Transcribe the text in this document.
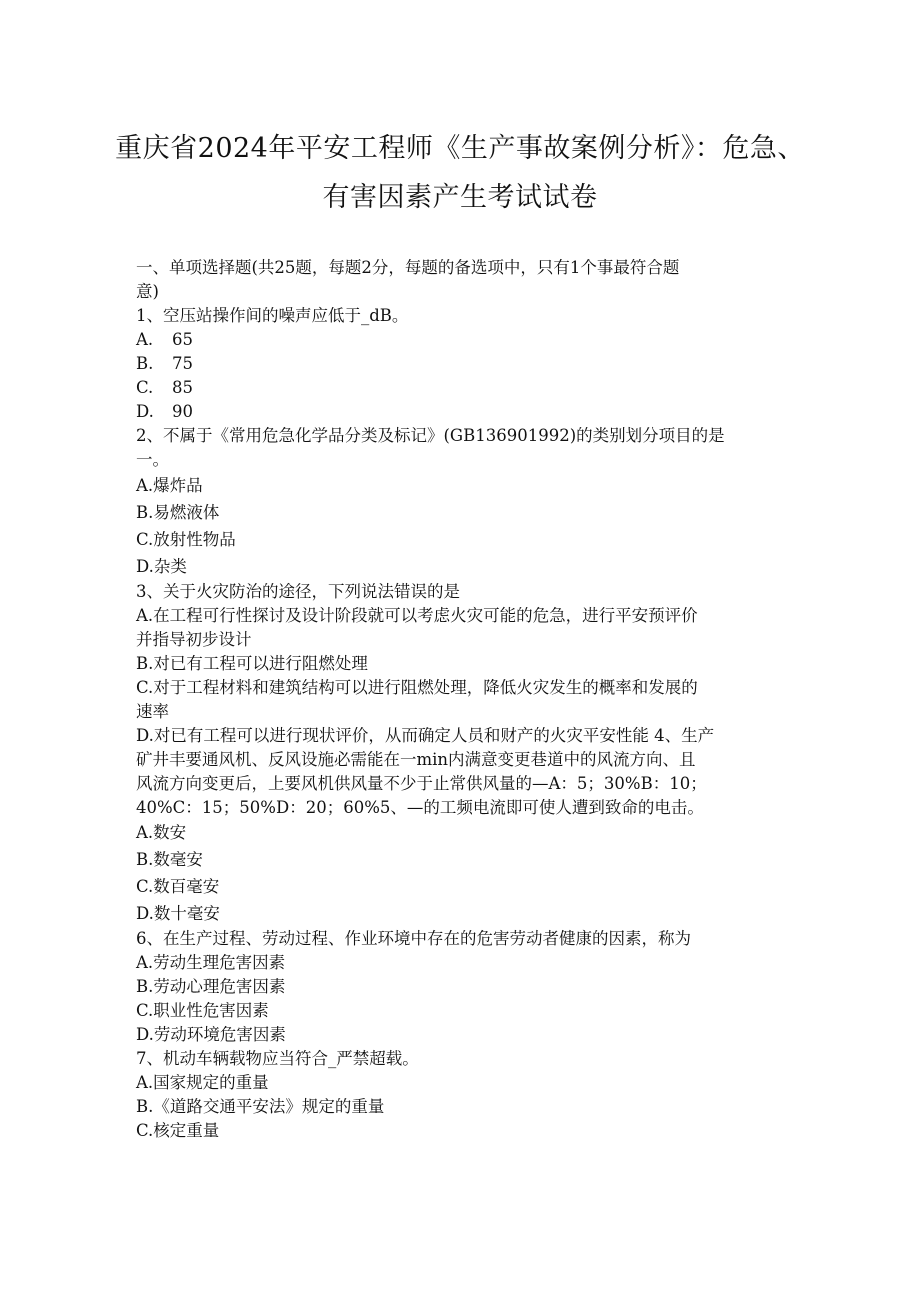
重庆省2024年平安工程师《生产事故案例分析》：危急、
有害因素产生考试试卷

一、单项选择题(共25题，每题2分，每题的备选项中，只有1个事最符合题

意)

1、空压站操作间的噪声应低于_dB。

A. 65

B. 75

C. 85

D. 90

2、不属于《常用危急化学品分类及标记》(GB136901992)的类别划分项目的是

一。

A.爆炸品

B.易燃液体

C.放射性物品

D.杂类

3、关于火灾防治的途径，下列说法错误的是

A.在工程可行性探讨及设计阶段就可以考虑火灾可能的危急，进行平安预评价

并指导初步设计

B.对已有工程可以进行阻燃处理

C.对于工程材料和建筑结构可以进行阻燃处理，降低火灾发生的概率和发展的

速率

D.对已有工程可以进行现状评价，从而确定人员和财产的火灾平安性能 4、生产

矿井丰要通风机、反风设施必需能在一min内满意变更巷道中的风流方向、且

风流方向变更后，上要风机供风量不少于止常供风量的—A：5；30%B：10；

40%C：15；50%D：20；60%5、—的工频电流即可使人遭到致命的电击。

A.数安

B.数毫安

C.数百毫安

D.数十毫安

6、在生产过程、劳动过程、作业环境中存在的危害劳动者健康的因素，称为

A.劳动生理危害因素

B.劳动心理危害因素

C.职业性危害因素

D.劳动环境危害因素

7、机动车辆载物应当符合_严禁超载。

A.国家规定的重量

B.《道路交通平安法》规定的重量

C.核定重量
